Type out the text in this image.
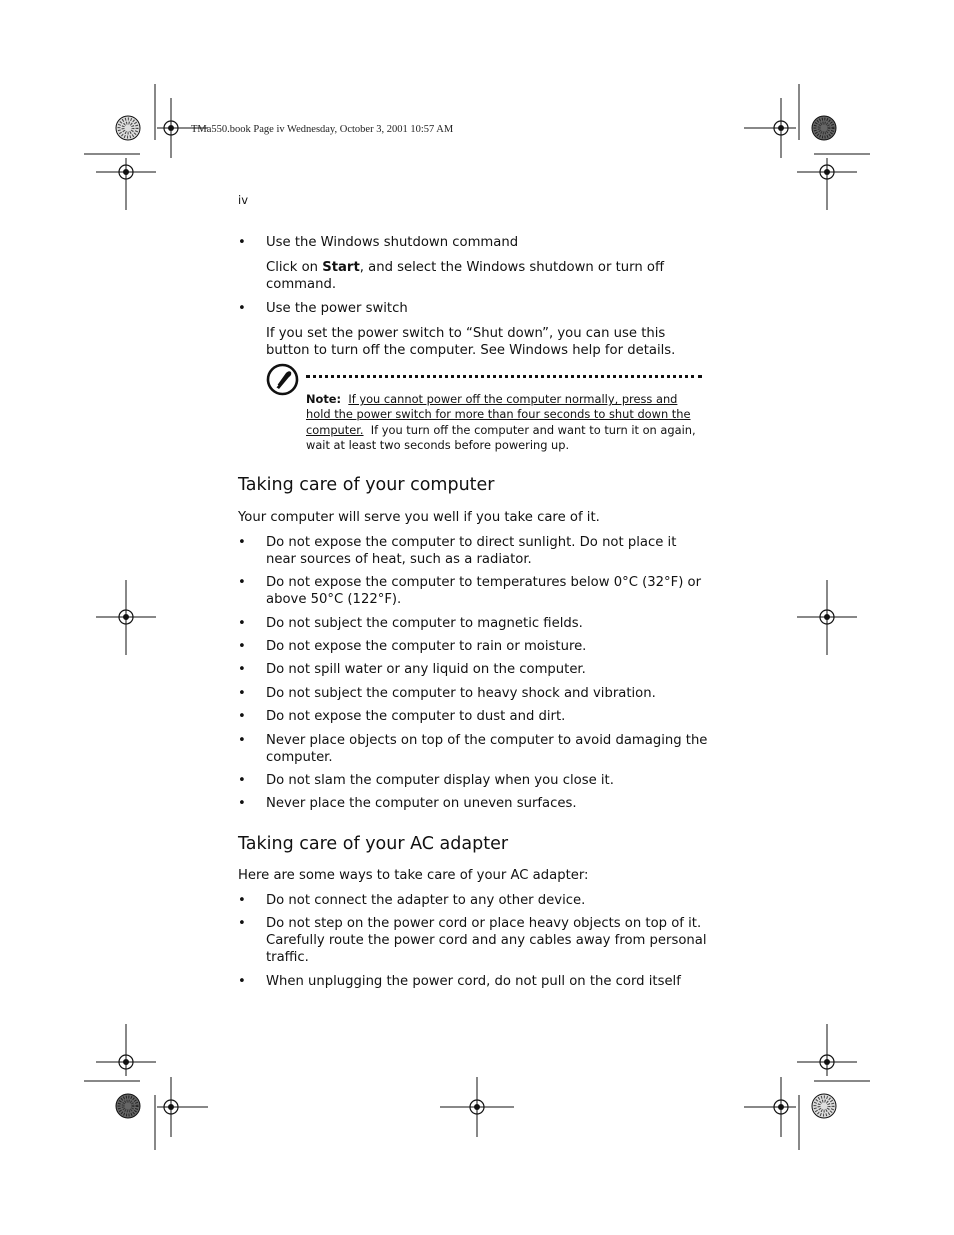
TMa550.book Page iv Wednesday, October 3, 2001 10:57 AM
iv
• Use the Windows shutdown command
Click on Start, and select the Windows shutdown or turn off command.
• Use the power switch
If you set the power switch to “Shut down”, you can use this button to turn off the computer. See Windows help for details.
Taking care of your computer
Your computer will serve you well if you take care of it.
• Do not expose the computer to direct sunlight. Do not place it near sources of heat, such as a radiator.
• Do not expose the computer to temperatures below 0°C (32°F) or above 50°C (122°F).
• Do not subject the computer to magnetic fields.
• Do not expose the computer to rain or moisture.
• Do not spill water or any liquid on the computer.
• Do not subject the computer to heavy shock and vibration.
• Do not expose the computer to dust and dirt.
• Never place objects on top of the computer to avoid damaging the computer.
• Do not slam the computer display when you close it.
• Never place the computer on uneven surfaces.
Taking care of your AC adapter
Here are some ways to take care of your AC adapter:
• Do not connect the adapter to any other device.
• Do not step on the power cord or place heavy objects on top of it. Carefully route the power cord and any cables away from personal traffic.
• When unplugging the power cord, do not pull on the cord itself
Note: If you cannot power off the computer normally, press and hold the power switch for more than four seconds to shut down the computer. If you turn off the computer and want to turn it on again, wait at least two seconds before powering up.
